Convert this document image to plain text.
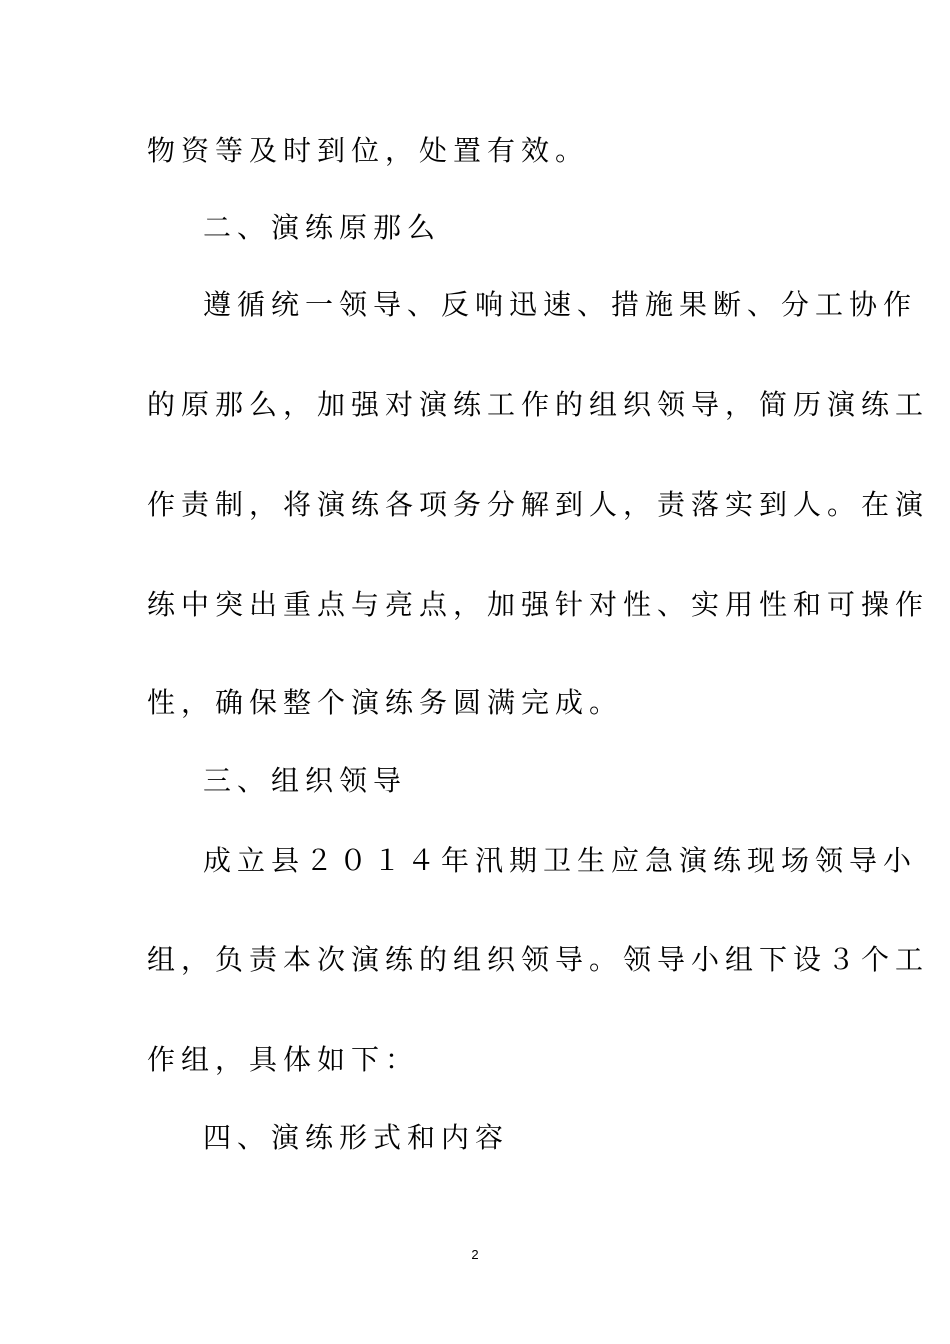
物资等及时到位，处置有效。
二、演练原那么
遵循统一领导、反响迅速、措施果断、分工协作
的原那么，加强对演练工作的组织领导，简历演练工
作责制，将演练各项务分解到人，责落实到人。在演
练中突出重点与亮点，加强针对性、实用性和可操作
性，确保整个演练务圆满完成。
三、组织领导
成立县２０１４年汛期卫生应急演练现场领导小
组，负责本次演练的组织领导。领导小组下设３个工
作组，具体如下：
四、演练形式和内容
2
